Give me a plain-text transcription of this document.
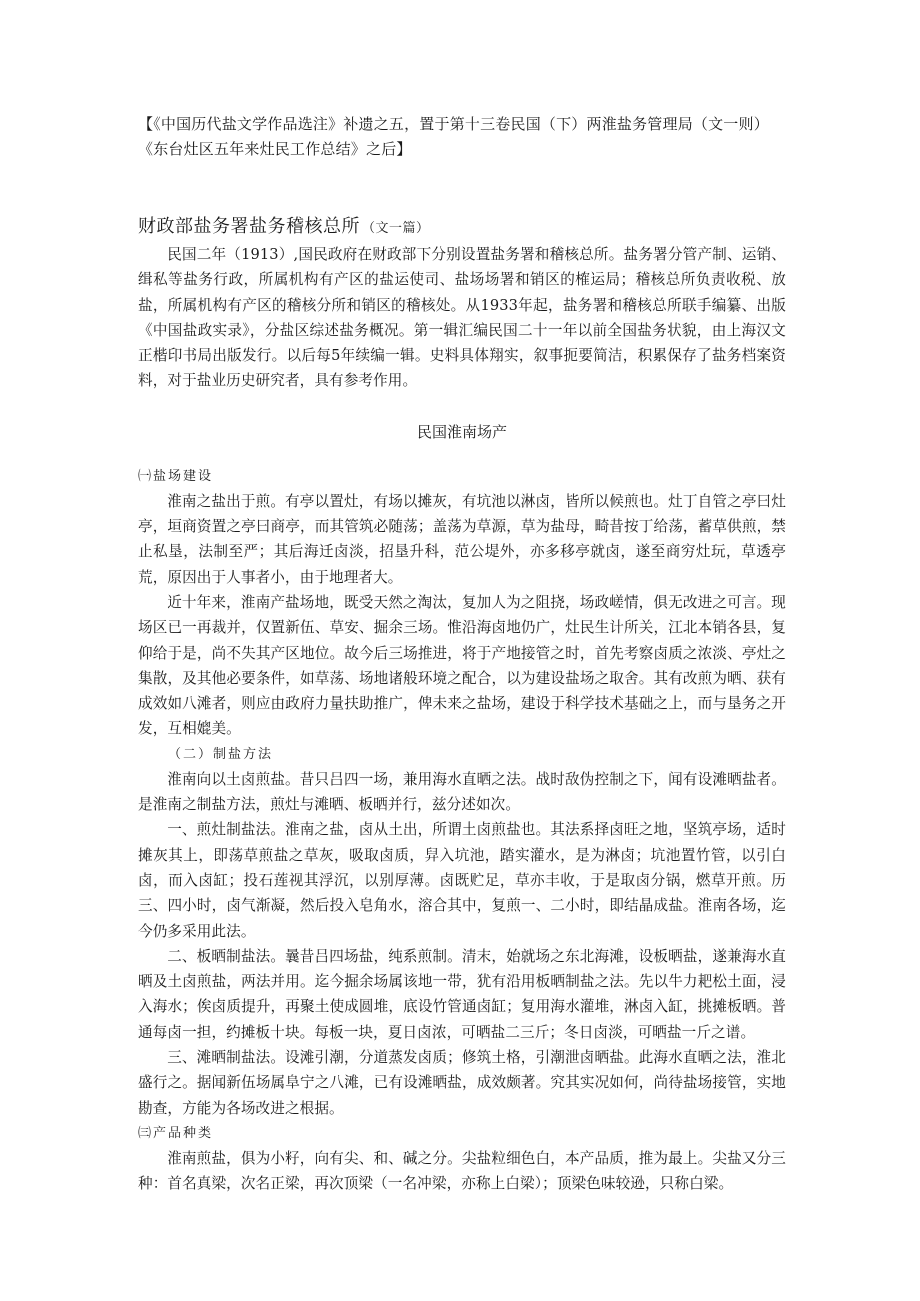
【《中国历代盐文学作品选注》补遗之五，置于第十三卷民国（下）两淮盐务管理局（文一则）

《东台灶区五年来灶民工作总结》之后】

财政部盐务署盐务稽核总所 （文一篇）

民国二年（1913）,国民政府在财政部下分别设置盐务署和稽核总所。盐务署分管产制、运销、缉私等盐务行政，所属机构有产区的盐运使司、盐场场署和销区的榷运局；稽核总所负责收税、放盐，所属机构有产区的稽核分所和销区的稽核处。从1933年起，盐务署和稽核总所联手编纂、出版《中国盐政实录》，分盐区综述盐务概况。第一辑汇编民国二十一年以前全国盐务状貌，由上海汉文正楷印书局出版发行。以后每5年续编一辑。史料具体翔实，叙事扼要简洁，积累保存了盐务档案资料，对于盐业历史研究者，具有参考作用。

民国淮南场产

㈠盐场建设

淮南之盐出于煎。有亭以置灶，有场以摊灰，有坑池以淋卤，皆所以候煎也。灶丁自管之亭曰灶亭，垣商资置之亭曰商亭，而其管筑必随荡；盖荡为草源，草为盐母，畸昔按丁给荡，蓄草供煎，禁止私垦，法制至严；其后海迁卤淡，招垦升科，范公堤外，亦多移亭就卤，遂至商穷灶玩，草透亭荒，原因出于人事者小，由于地理者大。

近十年来，淮南产盐场地，既受天然之淘汰，复加人为之阻挠，场政嵯情，俱无改进之可言。现场区已一再裁并，仅置新伍、草安、掘余三场。惟沿海卤地仍广，灶民生计所关，江北本销各县，复仰给于是，尚不失其产区地位。故今后三场推进，将于产地接管之时，首先考察卤质之浓淡、亭灶之集散，及其他必要条件，如草荡、场地诸般环境之配合，以为建设盐场之取舍。其有改煎为晒、获有成效如八滩者，则应由政府力量扶助推广，俾未来之盐场，建设于科学技术基础之上，而与垦务之开发，互相媲美。

（二）制盐方法

淮南向以土卤煎盐。昔只吕四一场，兼用海水直晒之法。战时敌伪控制之下，闻有设滩晒盐者。是淮南之制盐方法，煎灶与滩晒、板晒并行，兹分述如次。

一、煎灶制盐法。淮南之盐，卤从土出，所谓土卤煎盐也。其法系择卤旺之地，坚筑亭场，适时摊灰其上，即荡草煎盐之草灰，吸取卤质，舁入坑池，踏实灌水，是为淋卤；坑池置竹管，以引白卤，而入卤缸；投石莲视其浮沉，以别厚薄。卤既贮足，草亦丰收，于是取卤分锅，燃草开煎。历三、四小时，卤气渐凝，然后投入皂角水，溶合其中，复煎一、二小时，即结晶成盐。淮南各场，迄今仍多采用此法。

二、板晒制盐法。曩昔吕四场盐，纯系煎制。清末，始就场之东北海滩，设板晒盐，遂兼海水直晒及土卤煎盐，两法并用。迄今掘余场属该地一带，犹有沿用板晒制盐之法。先以牛力耙松土面，浸入海水；俟卤质提升，再聚土使成圆堆，底设竹管通卤缸；复用海水灌堆，淋卤入缸，挑摊板晒。普通每卤一担，约摊板十块。每板一块，夏日卤浓，可晒盐二三斤；冬日卤淡，可晒盐一斤之谱。

三、滩晒制盐法。设滩引潮，分道蒸发卤质；修筑土格，引潮泄卤晒盐。此海水直晒之法，淮北盛行之。据闻新伍场属阜宁之八滩，已有设滩晒盐，成效颇著。究其实况如何，尚待盐场接管，实地勘查，方能为各场改进之根据。

㈢产品种类

淮南煎盐，俱为小籽，向有尖、和、碱之分。尖盐粒细色白，本产品质，推为最上。尖盐又分三种：首名真梁，次名正梁，再次顶梁（一名冲梁，亦称上白梁）；顶梁色味较逊，只称白梁。
